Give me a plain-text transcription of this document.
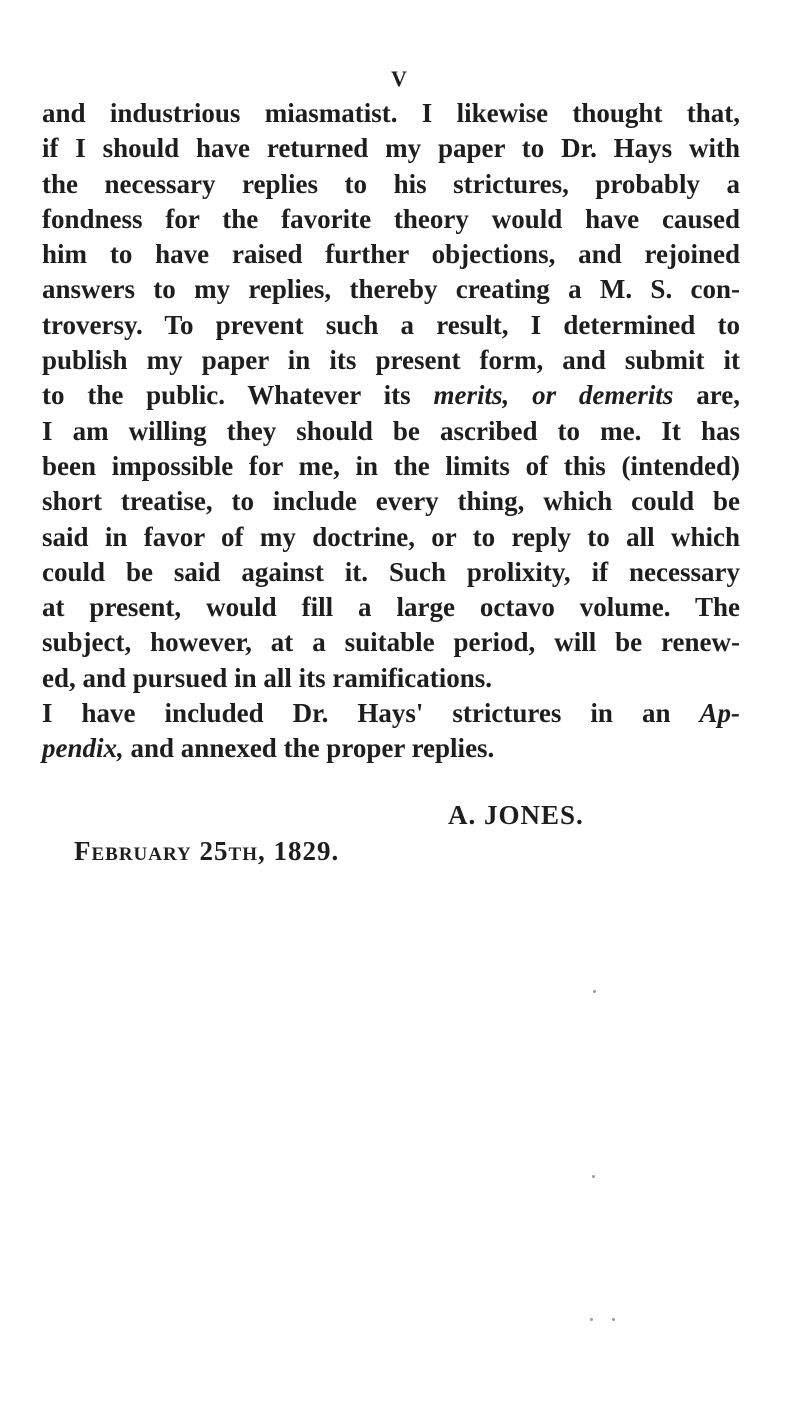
V
and industrious miasmatist. I likewise thought that,
if I should have returned my paper to Dr. Hays with
the necessary replies to his strictures, probably a
fondness for the favorite theory would have caused
him to have raised further objections, and rejoined
answers to my replies, thereby creating a M. S. con-
troversy. To prevent such a result, I determined to
publish my paper in its present form, and submit it
to the public. Whatever its merits, or demerits are,
I am willing they should be ascribed to me. It has
been impossible for me, in the limits of this (intended)
short treatise, to include every thing, which could be
said in favor of my doctrine, or to reply to all which
could be said against it. Such prolixity, if necessary
at present, would fill a large octavo volume. The
subject, however, at a suitable period, will be renew-
ed, and pursued in all its ramifications.
I have included Dr. Hays' strictures in an Ap-
pendix, and annexed the proper replies.
A. JONES.
February 25th, 1829.
